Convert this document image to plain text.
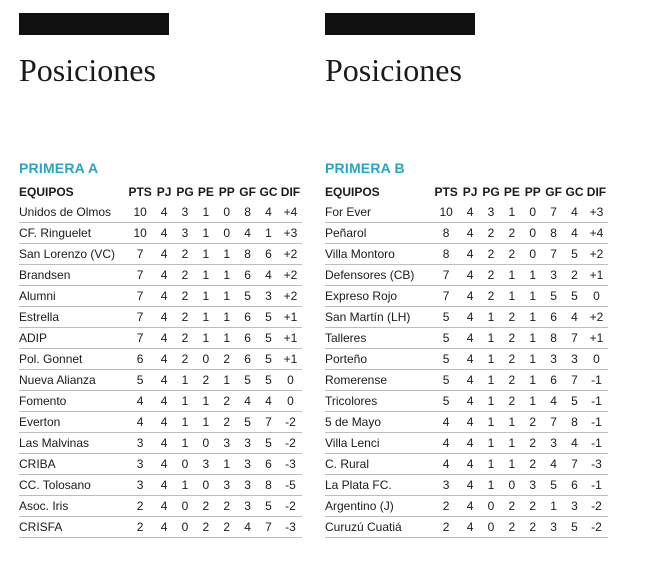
Posiciones
PRIMERA A
EQUIPOS	PTS	PJ	PG	PE	PP	GF	GC	DIF
Unidos de Olmos	10	4	3	1	0	8	4	+4
CF. Ringuelet	10	4	3	1	0	4	1	+3
San Lorenzo (VC)	7	4	2	1	1	8	6	+2
Brandsen	7	4	2	1	1	6	4	+2
Alumni	7	4	2	1	1	5	3	+2
Estrella	7	4	2	1	1	6	5	+1
ADIP	7	4	2	1	1	6	5	+1
Pol. Gonnet	6	4	2	0	2	6	5	+1
Nueva Alianza	5	4	1	2	1	5	5	0
Fomento	4	4	1	1	2	4	4	0
Everton	4	4	1	1	2	5	7	-2
Las Malvinas	3	4	1	0	3	3	5	-2
CRIBA	3	4	0	3	1	3	6	-3
CC. Tolosano	3	4	1	0	3	3	8	-5
Asoc. Iris	2	4	0	2	2	3	5	-2
CRISFA	2	4	0	2	2	4	7	-3
Posiciones
PRIMERA B
EQUIPOS	PTS	PJ	PG	PE	PP	GF	GC	DIF
For Ever	10	4	3	1	0	7	4	+3
Peñarol	8	4	2	2	0	8	4	+4
Villa Montoro	8	4	2	2	0	7	5	+2
Defensores (CB)	7	4	2	1	1	3	2	+1
Expreso Rojo	7	4	2	1	1	5	5	0
San Martín (LH)	5	4	1	2	1	6	4	+2
Talleres	5	4	1	2	1	8	7	+1
Porteño	5	4	1	2	1	3	3	0
Romerense	5	4	1	2	1	6	7	-1
Tricolores	5	4	1	2	1	4	5	-1
5 de Mayo	4	4	1	1	2	7	8	-1
Villa Lenci	4	4	1	1	2	3	4	-1
C. Rural	4	4	1	1	2	4	7	-3
La Plata FC.	3	4	1	0	3	5	6	-1
Argentino (J)	2	4	0	2	2	1	3	-2
Curuzú Cuatiá	2	4	0	2	2	3	5	-2
